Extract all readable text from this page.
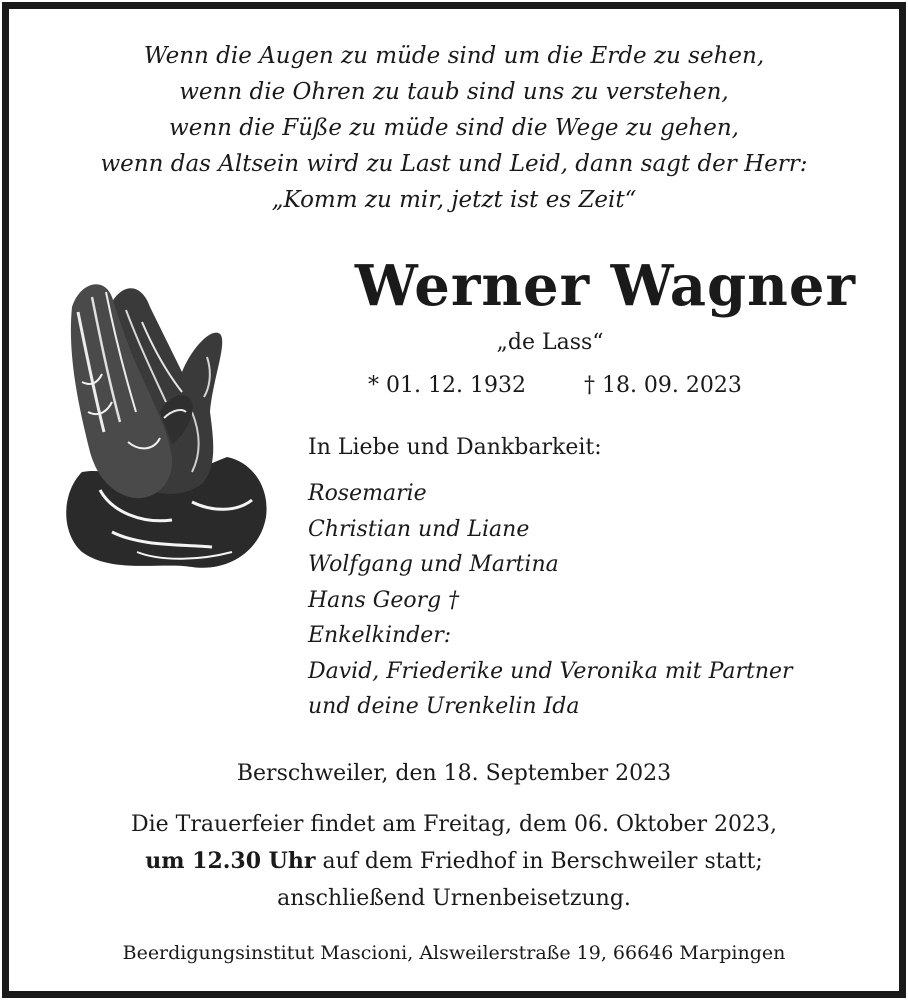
Wenn die Augen zu müde sind um die Erde zu sehen,
wenn die Ohren zu taub sind uns zu verstehen,
wenn die Füße zu müde sind die Wege zu gehen,
wenn das Altsein wird zu Last und Leid, dann sagt der Herr:
„Komm zu mir, jetzt ist es Zeit“
Werner Wagner
„de Lass“
* 01. 12. 1932	† 18. 09. 2023
In Liebe und Dankbarkeit:
Rosemarie
Christian und Liane
Wolfgang und Martina
Hans Georg †
Enkelkinder:
David, Friederike und Veronika mit Partner
und deine Urenkelin Ida
Berschweiler, den 18. September 2023
Die Trauerfeier findet am Freitag, dem 06. Oktober 2023,
um 12.30 Uhr auf dem Friedhof in Berschweiler statt;
anschließend Urnenbeisetzung.
Beerdigungsinstitut Mascioni, Alsweilerstraße 19, 66646 Marpingen
